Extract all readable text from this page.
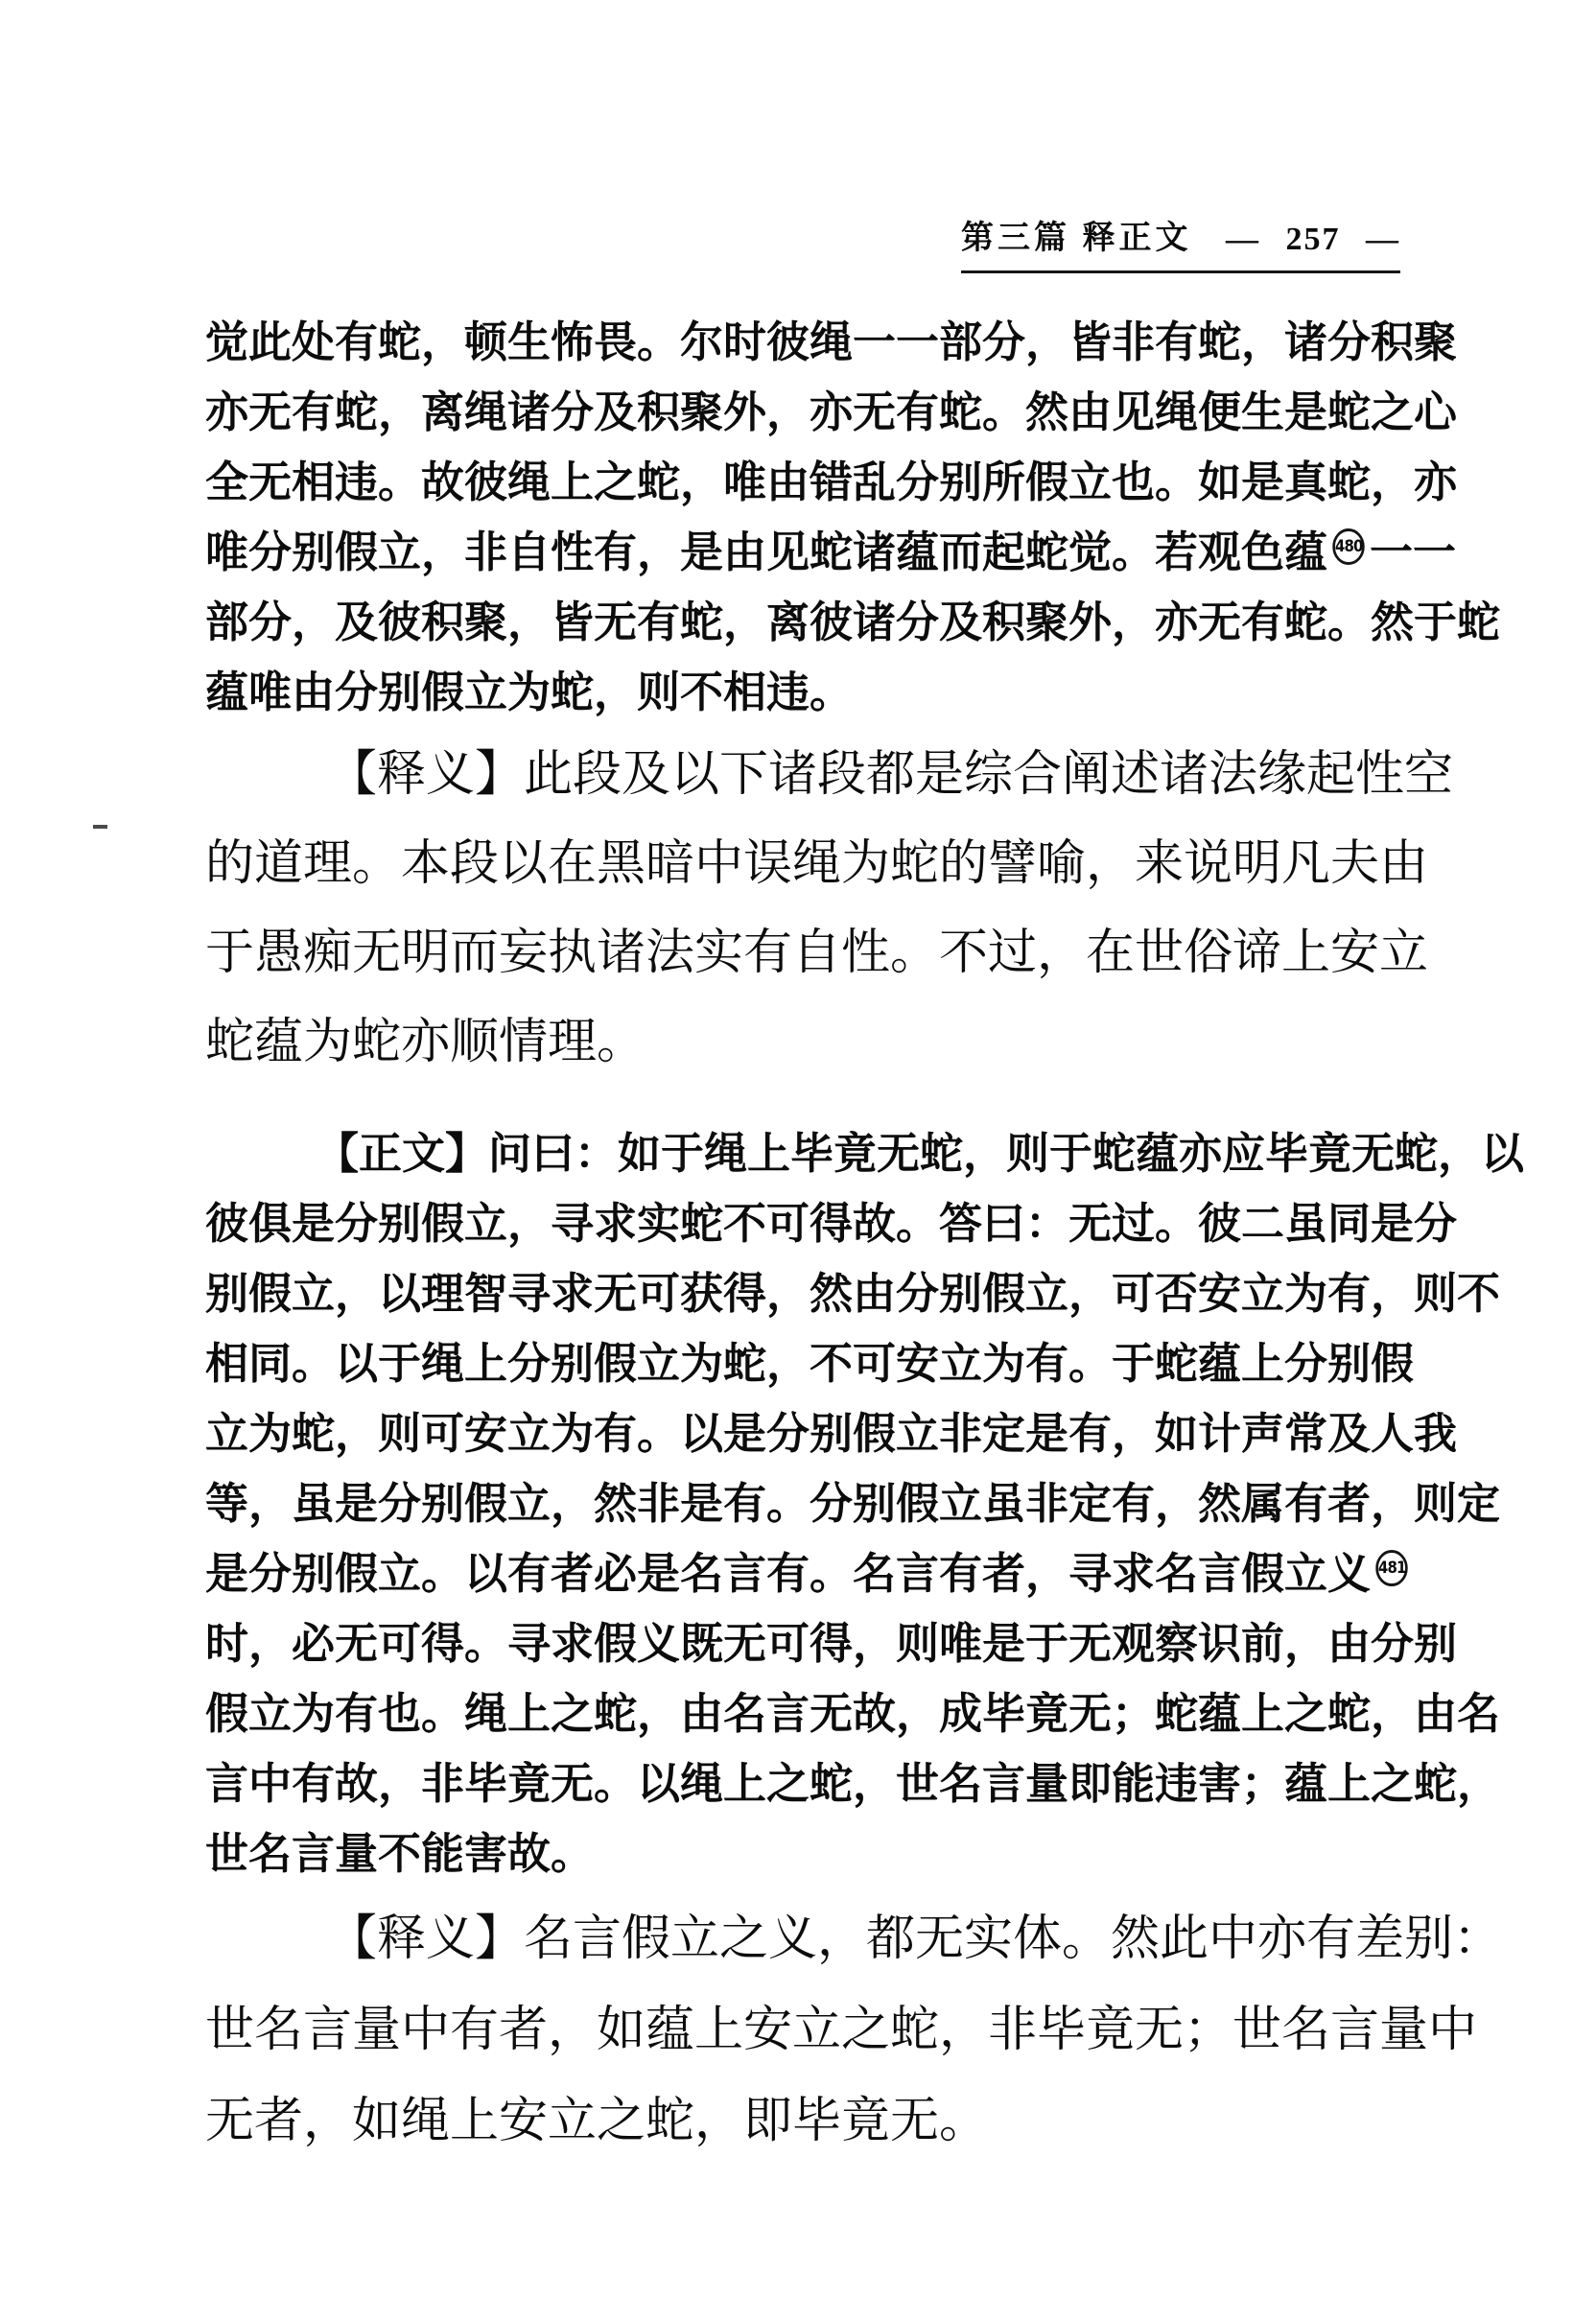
第三篇 释正文 — 257 —
觉此处有蛇，顿生怖畏。尔时彼绳一一部分，皆非有蛇，诸分积聚
亦无有蛇，离绳诸分及积聚外，亦无有蛇。然由见绳便生是蛇之心
全无相违。故彼绳上之蛇，唯由错乱分别所假立也。如是真蛇，亦
唯分别假立，非自性有，是由见蛇诸蕴而起蛇觉。若观色蕴 480 一一
部分，及彼积聚，皆无有蛇，离彼诸分及积聚外，亦无有蛇。然于蛇
蕴唯由分别假立为蛇，则不相违。
【释义】此段及以下诸段都是综合阐述诸法缘起性空
的道理。本段以在黑暗中误绳为蛇的譬喻，来说明凡夫由
于愚痴无明而妄执诸法实有自性。不过，在世俗谛上安立
蛇蕴为蛇亦顺情理。
【正文】问曰：如于绳上毕竟无蛇，则于蛇蕴亦应毕竟无蛇，以
彼俱是分别假立，寻求实蛇不可得故。答曰：无过。彼二虽同是分
别假立，以理智寻求无可获得，然由分别假立，可否安立为有，则不
相同。以于绳上分别假立为蛇，不可安立为有。于蛇蕴上分别假
立为蛇，则可安立为有。以是分别假立非定是有，如计声常及人我
等，虽是分别假立，然非是有。分别假立虽非定有，然属有者，则定
是分别假立。以有者必是名言有。名言有者，寻求名言假立义 481
时，必无可得。寻求假义既无可得，则唯是于无观察识前，由分别
假立为有也。绳上之蛇，由名言无故，成毕竟无；蛇蕴上之蛇，由名
言中有故，非毕竟无。以绳上之蛇，世名言量即能违害；蕴上之蛇，
世名言量不能害故。
【释义】名言假立之义，都无实体。然此中亦有差别：
世名言量中有者，如蕴上安立之蛇，非毕竟无；世名言量中
无者，如绳上安立之蛇，即毕竟无。
